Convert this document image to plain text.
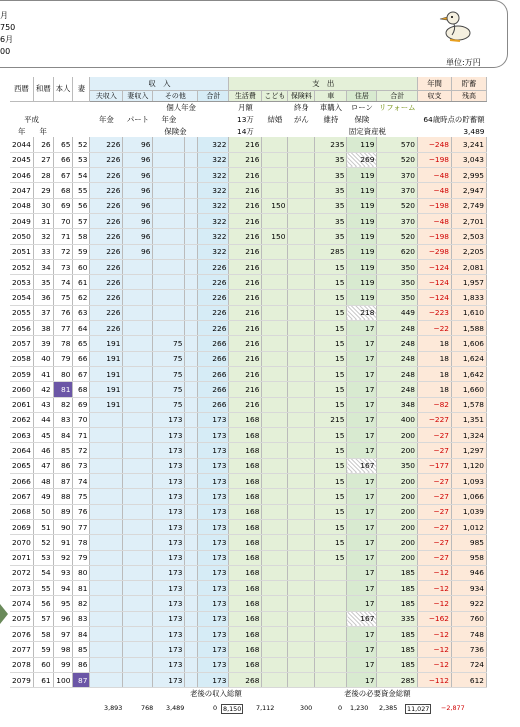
月
750
6月
00
単位:万円
西暦	和暦	本人	妻	収　入					支　出						年間	貯蓄
				夫収入	妻収入	その他		合計	生活費	こども	保険料	車	住居	合計	収支	残高
				個人年金					月額		終身	車購入	ローン	リフォーム		
平成				年金	パート	年金			13万	結婚	がん	維持	保険	64歳時点の貯蓄額		
年	年					保険金			14万				固定資産税			3,489
2044	26	65	52	226	96			322	216			235	119	570	−248	3,241
2045	27	66	53	226	96			322	216			35	269	520	−198	3,043
2046	28	67	54	226	96			322	216			35	119	370	−48	2,995
2047	29	68	55	226	96			322	216			35	119	370	−48	2,947
2048	30	69	56	226	96			322	216	150		35	119	520	−198	2,749
2049	31	70	57	226	96			322	216			35	119	370	−48	2,701
2050	32	71	58	226	96			322	216	150		35	119	520	−198	2,503
2051	33	72	59	226	96			322	216			285	119	620	−298	2,205
2052	34	73	60	226				226	216			15	119	350	−124	2,081
2053	35	74	61	226				226	216			15	119	350	−124	1,957
2054	36	75	62	226				226	216			15	119	350	−124	1,833
2055	37	76	63	226				226	216			15	218	449	−223	1,610
2056	38	77	64	226				226	216			15	17	248	−22	1,588
2057	39	78	65	191		75		266	216			15	17	248	18	1,606
2058	40	79	66	191		75		266	216			15	17	248	18	1,624
2059	41	80	67	191		75		266	216			15	17	248	18	1,642
2060	42	81	68	191		75		266	216			15	17	248	18	1,660
2061	43	82	69	191		75		266	216			15	17	348	−82	1,578
2062	44	83	70			173		173	168			215	17	400	−227	1,351
2063	45	84	71			173		173	168			15	17	200	−27	1,324
2064	46	85	72			173		173	168			15	17	200	−27	1,297
2065	47	86	73			173		173	168			15	167	350	−177	1,120
2066	48	87	74			173		173	168			15	17	200	−27	1,093
2067	49	88	75			173		173	168			15	17	200	−27	1,066
2068	50	89	76			173		173	168			15	17	200	−27	1,039
2069	51	90	77			173		173	168			15	17	200	−27	1,012
2070	52	91	78			173		173	168			15	17	200	−27	985
2071	53	92	79			173		173	168			15	17	200	−27	958
2072	54	93	80			173		173	168				17	185	−12	946
2073	55	94	81			173		173	168				17	185	−12	934
2074	56	95	82			173		173	168				17	185	−12	922
2075	57	96	83			173		173	168				167	335	−162	760
2076	58	97	84			173		173	168				17	185	−12	748
2077	59	98	85			173		173	168				17	185	−12	736
2078	60	99	86			173		173	168				17	185	−12	724
2079	61	100	87			173		173	268				17	285	−112	612
老後の収入総額	老後の必要資金総額
3,893	768 3,489	0 8,150	7,112	300	0 1,230 2,385	11,027	−2,877
